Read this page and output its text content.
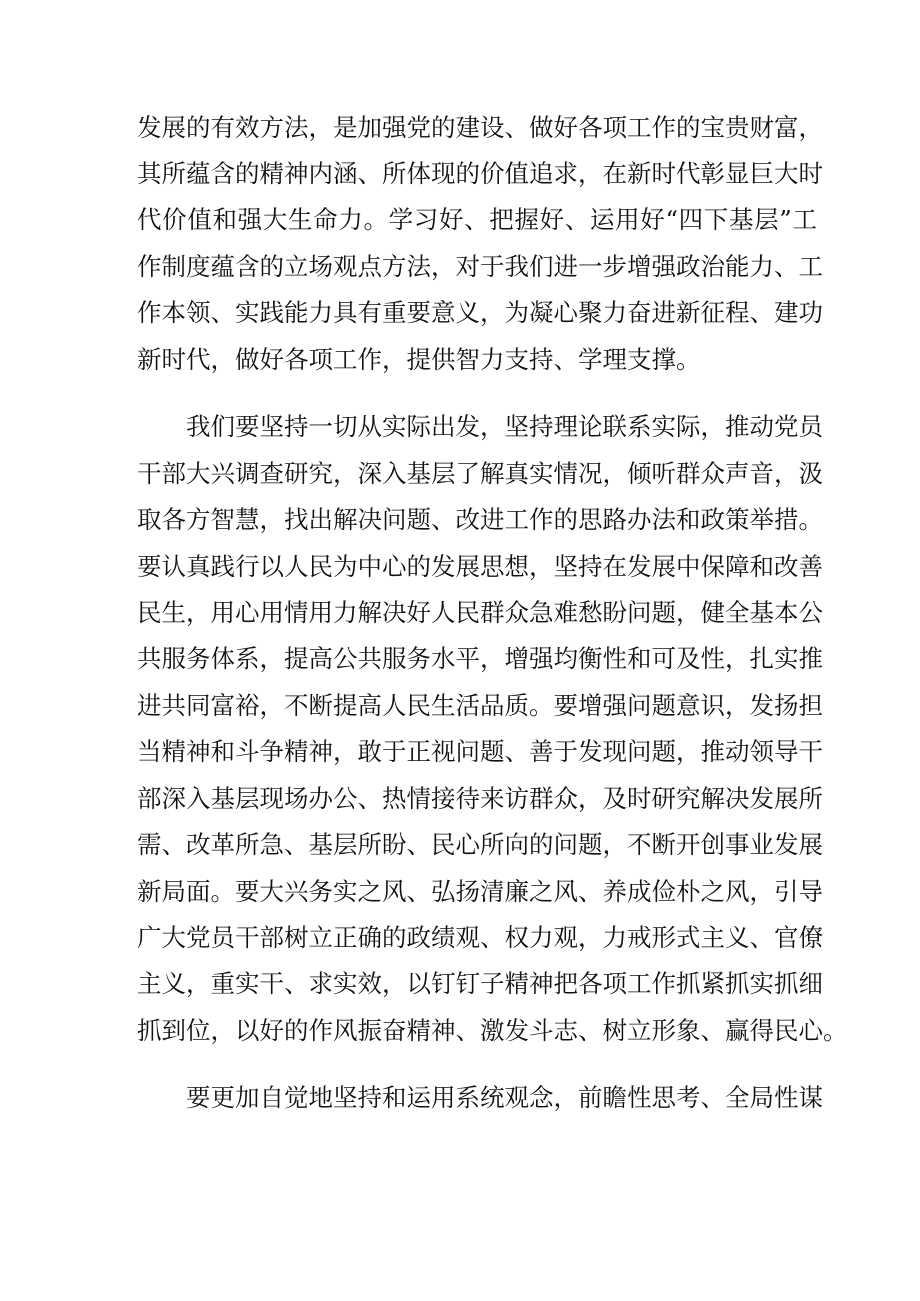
发展的有效方法，是加强党的建设、做好各项工作的宝贵财富，
其所蕴含的精神内涵、所体现的价值追求，在新时代彰显巨大时
代价值和强大生命力。学习好、把握好、运用好“四下基层”工
作制度蕴含的立场观点方法，对于我们进一步增强政治能力、工
作本领、实践能力具有重要意义，为凝心聚力奋进新征程、建功
新时代，做好各项工作，提供智力支持、学理支撑。
我们要坚持一切从实际出发，坚持理论联系实际，推动党员
干部大兴调查研究，深入基层了解真实情况，倾听群众声音，汲
取各方智慧，找出解决问题、改进工作的思路办法和政策举措。
要认真践行以人民为中心的发展思想，坚持在发展中保障和改善
民生，用心用情用力解决好人民群众急难愁盼问题，健全基本公
共服务体系，提高公共服务水平，增强均衡性和可及性，扎实推
进共同富裕，不断提高人民生活品质。要增强问题意识，发扬担
当精神和斗争精神，敢于正视问题、善于发现问题，推动领导干
部深入基层现场办公、热情接待来访群众，及时研究解决发展所
需、改革所急、基层所盼、民心所向的问题，不断开创事业发展
新局面。要大兴务实之风、弘扬清廉之风、养成俭朴之风，引导
广大党员干部树立正确的政绩观、权力观，力戒形式主义、官僚
主义，重实干、求实效，以钉钉子精神把各项工作抓紧抓实抓细
抓到位，以好的作风振奋精神、激发斗志、树立形象、赢得民心。
要更加自觉地坚持和运用系统观念，前瞻性思考、全局性谋
